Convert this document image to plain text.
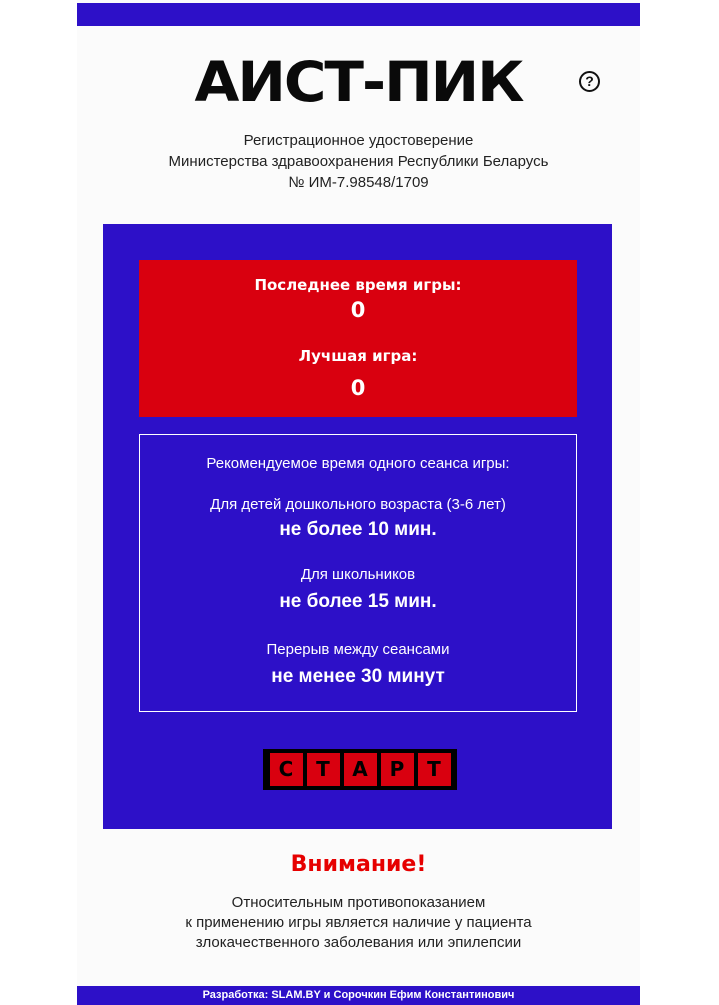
АИСТ-ПИК	?
Регистрационное удостоверение
Министерства здравоохранения Республики Беларусь
№ ИМ-7.98548/1709
Последнее время игры:
0
Лучшая игра:
0
Рекомендуемое время одного сеанса игры:
Для детей дошкольного возраста (3-6 лет)
не более 10 мин.
Для школьников
не более 15 мин.
Перерыв между сеансами
не менее 30 минут
С	Т	А	Р	Т
Внимание!
Относительным противопоказанием
к применению игры является наличие у пациента
злокачественного заболевания или эпилепсии
Разработка: SLAM.BY и Сорочкин Ефим Константинович
